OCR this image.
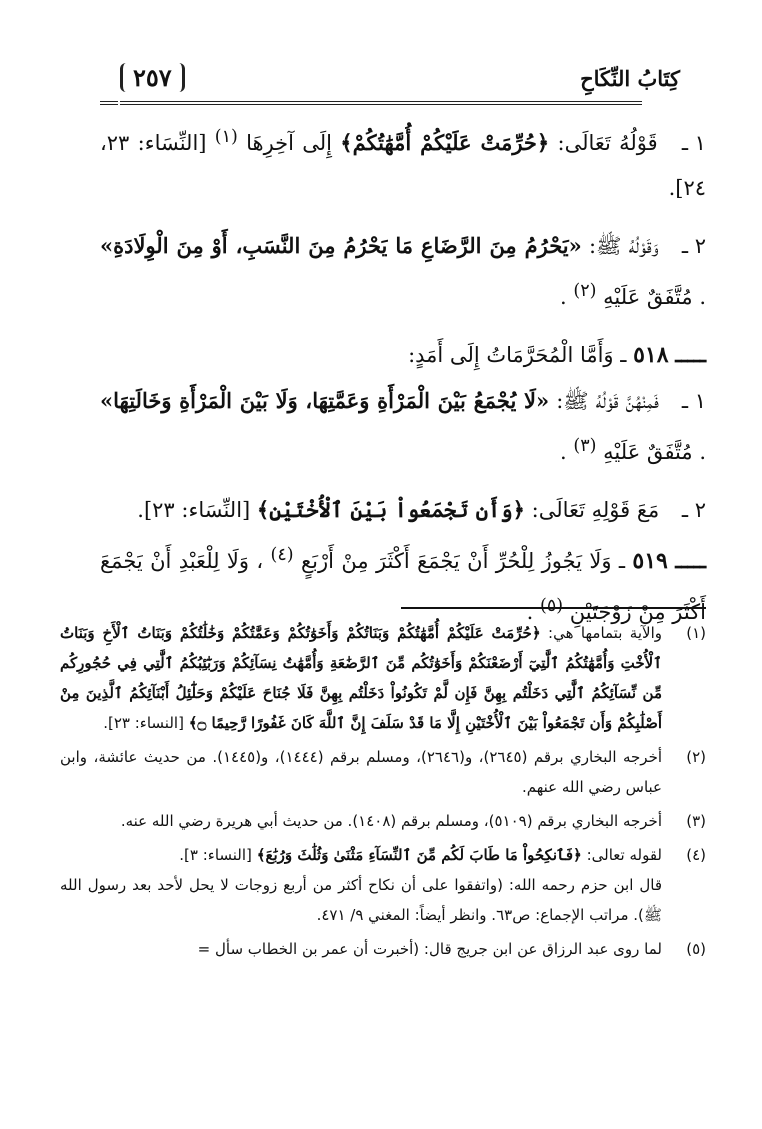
كِتَابُ النِّكَاحِ
٢٥٧

١ ـ قَوْلُهُ تَعَالَى: ﴿حُرِّمَتْ عَلَيْكُمْ أُمَّهَٰتُكُمْ﴾ إِلَى آخِرِهَا $^{(١)}$ [النِّسَاء: ٢٣، ٢٤].

٢ ـ وَقَوْلُهُ ﷺ: «يَحْرُمُ مِنَ الرَّضَاعِ مَا يَحْرُمُ مِنَ النَّسَبِ، أَوْ مِنَ الْوِلَادَةِ» . مُتَّفَقٌ عَلَيْهِ $^{(٢)}$ .

ـــــ ٥١٨ ـ وَأَمَّا الْمُحَرَّمَاتُ إِلَى أَمَدٍ:

١ ـ فَمِنْهُنَّ قَوْلُهُ ﷺ: «لَا يُجْمَعُ بَيْنَ الْمَرْأَةِ وَعَمَّتِهَا، وَلَا بَيْنَ الْمَرْأَةِ وَخَالَتِهَا» . مُتَّفَقٌ عَلَيْهِ $^{(٣)}$ .

٢ ـ مَعَ قَوْلِهِ تَعَالَى: ﴿وَأَن تَجْمَعُواْ بَيْنَ ٱلْأُخْتَيْنِ﴾ [النِّسَاء: ٢٣].

ـــــ ٥١٩ ـ وَلَا يَجُوزُ لِلْحُرِّ أَنْ يَجْمَعَ أَكْثَرَ مِنْ أَرْبَعٍ $^{(٤)}$ ، وَلَا لِلْعَبْدِ أَنْ يَجْمَعَ أَكْثَرَ مِنْ زَوْجَتَيْنِ $^{(٥)}$ .

(١)
والآية بتمامها هي: ﴿حُرِّمَتْ عَلَيْكُمْ أُمَّهَٰتُكُمْ وَبَنَاتُكُمْ وَأَخَوَٰتُكُمْ وَعَمَّٰتُكُمْ وَخَٰلَٰتُكُمْ وَبَنَاتُ ٱلْأَخِ وَبَنَاتُ ٱلْأُخْتِ وَأُمَّهَٰتُكُمُ ٱلَّٰتِيٓ أَرْضَعْنَكُمْ وَأَخَوَٰتُكُم مِّنَ ٱلرَّضَٰعَةِ وَأُمَّهَٰتُ نِسَآئِكُمْ وَرَبَٰٓئِبُكُمُ ٱلَّٰتِي فِي حُجُورِكُم مِّن نِّسَآئِكُمُ ٱلَّٰتِي دَخَلْتُم بِهِنَّ فَإِن لَّمْ تَكُونُواْ دَخَلْتُم بِهِنَّ فَلَا جُنَاحَ عَلَيْكُمْ وَحَلَٰٓئِلُ أَبْنَآئِكُمُ ٱلَّذِينَ مِنْ أَصْلَٰبِكُمْ وَأَن تَجْمَعُواْ بَيْنَ ٱلْأُخْتَيْنِ إِلَّا مَا قَدْ سَلَفَ إِنَّ ٱللَّهَ كَانَ غَفُورًا رَّحِيمًا ۝﴾ [النساء: ٢٣].
(٢)
أخرجه البخاري برقم (٢٦٤٥)، و(٢٦٤٦)، ومسلم برقم (١٤٤٤)، و(١٤٤٥). من حديث عائشة، وابن عباس رضي الله عنهم.
(٣)
أخرجه البخاري برقم (٥١٠٩)، ومسلم برقم (١٤٠٨). من حديث أبي هريرة رضي الله عنه.
(٤)
لقوله تعالى: ﴿فَٱنكِحُواْ مَا طَابَ لَكُم مِّنَ ٱلنِّسَآءِ مَثْنَىٰ وَثُلَٰثَ وَرُبَٰعَ﴾ [النساء: ٣].
قال ابن حزم رحمه الله: (واتفقوا على أن نكاح أكثر من أربع زوجات لا يحل لأحد بعد رسول الله ﷺ). مراتب الإجماع: ص٦٣. وانظر أيضاً: المغني ٩/ ٤٧١.
(٥)
لما روى عبد الرزاق عن ابن جريج قال: (أخبرت أن عمر بن الخطاب سأل =
